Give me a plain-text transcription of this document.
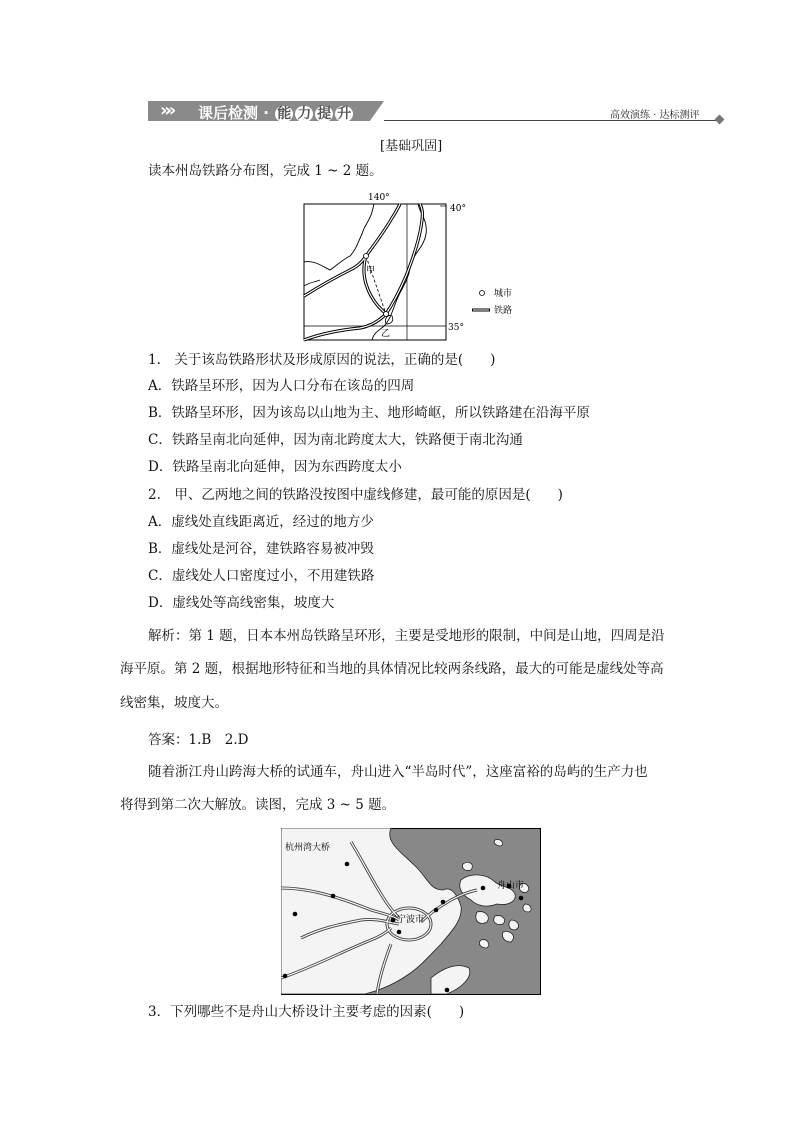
»» 课后检测 · 能 力 提 升	高效演练 · 达标测评
[基础巩固]
读本州岛铁路分布图，完成 1 ~ 2 题。
甲
乙
140°
40°
35°
城市
铁路
1.　关于该岛铁路形状及形成原因的说法，正确的是(　　)
A．铁路呈环形，因为人口分布在该岛的四周
B．铁路呈环形，因为该岛以山地为主、地形崎岖，所以铁路建在沿海平原
C．铁路呈南北向延伸，因为南北跨度太大，铁路便于南北沟通
D．铁路呈南北向延伸，因为东西跨度太小
2.　甲、乙两地之间的铁路没按图中虚线修建，最可能的原因是(　　)
A．虚线处直线距离近，经过的地方少
B．虚线处是河谷，建铁路容易被冲毁
C．虚线处人口密度过小，不用建铁路
D．虚线处等高线密集，坡度大
解析：第 1 题，日本本州岛铁路呈环形，主要是受地形的限制，中间是山地，四周是沿
海平原。第 2 题，根据地形特征和当地的具体情况比较两条线路，最大的可能是虚线处等高
线密集，坡度大。
答案：1.B　2.D
随着浙江舟山跨海大桥的试通车，舟山进入“半岛时代”，这座富裕的岛屿的生产力也
将得到第二次大解放。读图，完成 3 ~ 5 题。
杭州湾大桥
宁波市
舟山市
3．下列哪些不是舟山大桥设计主要考虑的因素(　　)
